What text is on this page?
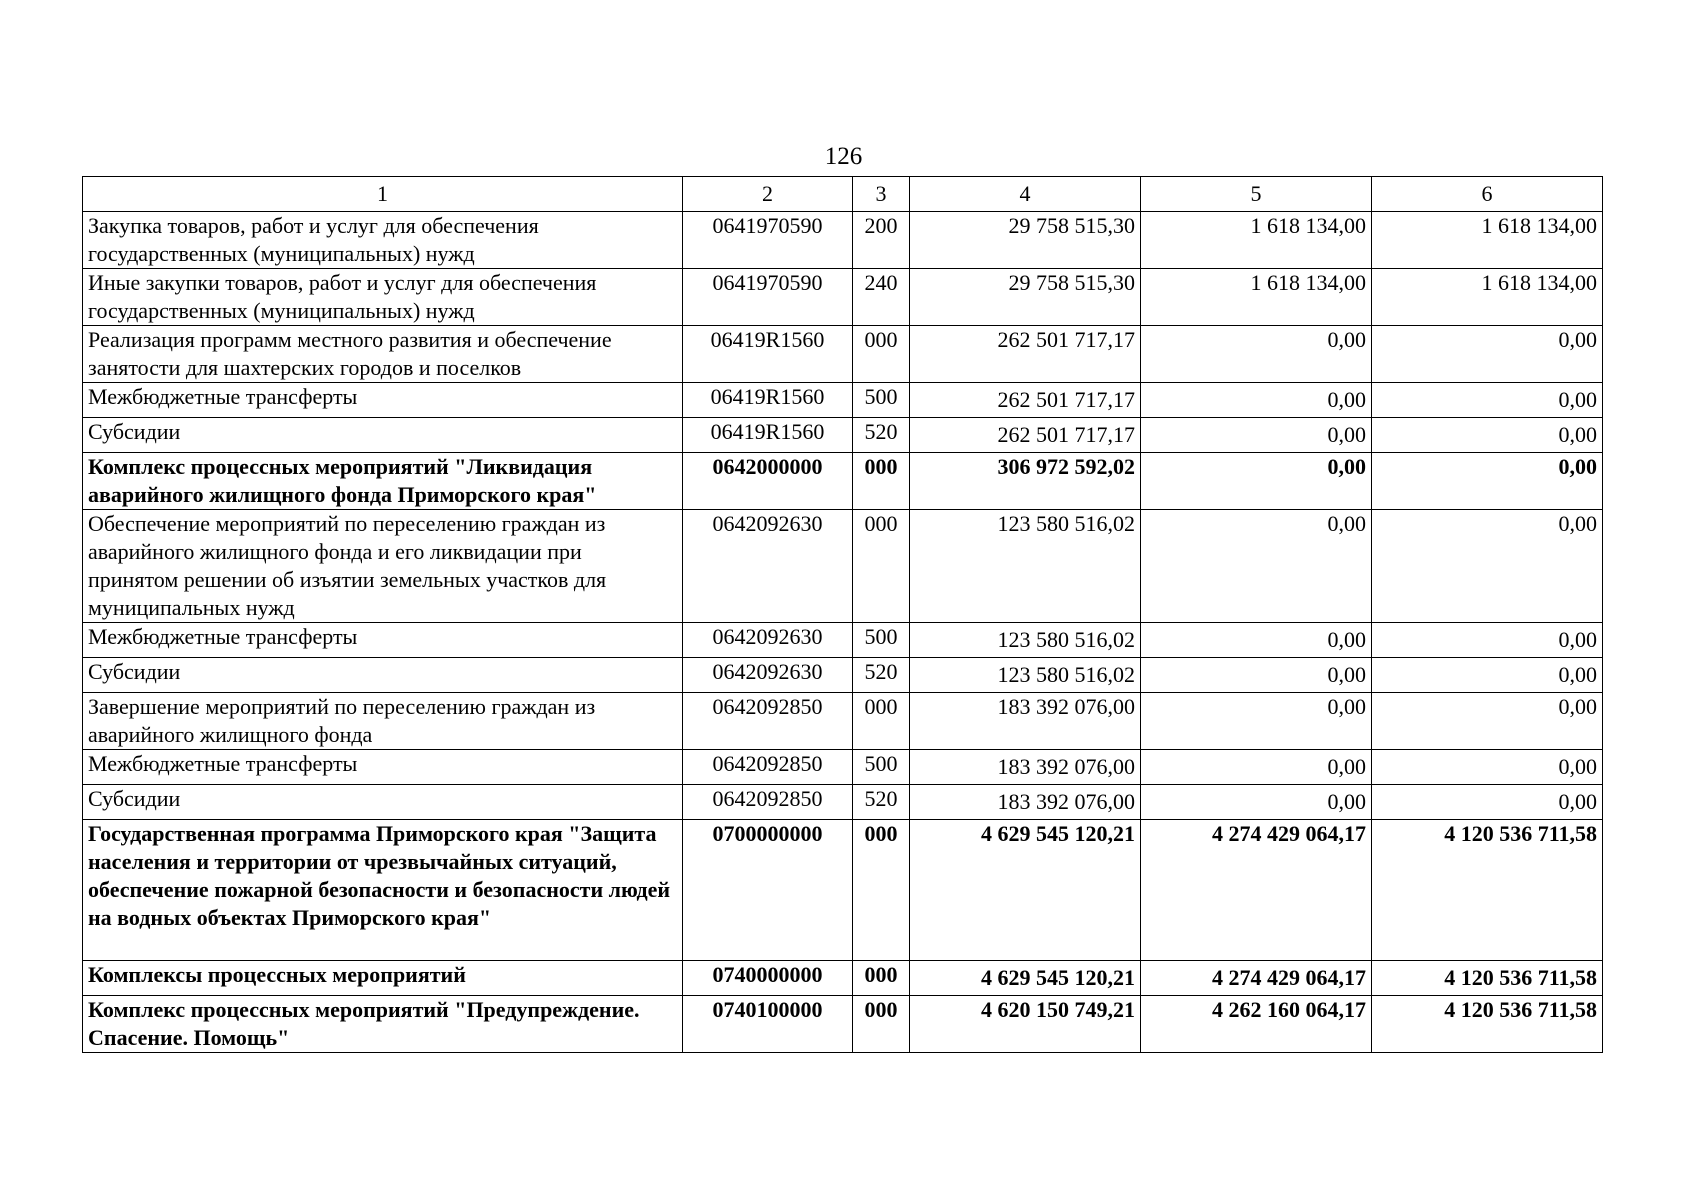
126
1	2	3	4	5	6
Закупка товаров, работ и услуг для обеспечения государственных (муниципальных) нужд	0641970590	200	29 758 515,30	1 618 134,00	1 618 134,00
Иные закупки товаров, работ и услуг для обеспечения государственных (муниципальных) нужд	0641970590	240	29 758 515,30	1 618 134,00	1 618 134,00
Реализация программ местного развития и обеспечение занятости для шахтерских городов и поселков	06419R1560	000	262 501 717,17	0,00	0,00
Межбюджетные трансферты	06419R1560	500	262 501 717,17	0,00	0,00
Субсидии	06419R1560	520	262 501 717,17	0,00	0,00
Комплекс процессных мероприятий "Ликвидация аварийного жилищного фонда Приморского края"	0642000000	000	306 972 592,02	0,00	0,00
Обеспечение мероприятий по переселению граждан из аварийного жилищного фонда и его ликвидации при принятом решении об изъятии земельных участков для муниципальных нужд	0642092630	000	123 580 516,02	0,00	0,00
Межбюджетные трансферты	0642092630	500	123 580 516,02	0,00	0,00
Субсидии	0642092630	520	123 580 516,02	0,00	0,00
Завершение мероприятий по переселению граждан из аварийного жилищного фонда	0642092850	000	183 392 076,00	0,00	0,00
Межбюджетные трансферты	0642092850	500	183 392 076,00	0,00	0,00
Субсидии	0642092850	520	183 392 076,00	0,00	0,00
Государственная программа Приморского края "Защита населения и территории от чрезвычайных ситуаций, обеспечение пожарной безопасности и безопасности людей на водных объектах Приморского края"	0700000000	000	4 629 545 120,21	4 274 429 064,17	4 120 536 711,58
Комплексы процессных мероприятий	0740000000	000	4 629 545 120,21	4 274 429 064,17	4 120 536 711,58
Комплекс процессных мероприятий "Предупреждение. Спасение. Помощь"	0740100000	000	4 620 150 749,21	4 262 160 064,17	4 120 536 711,58
